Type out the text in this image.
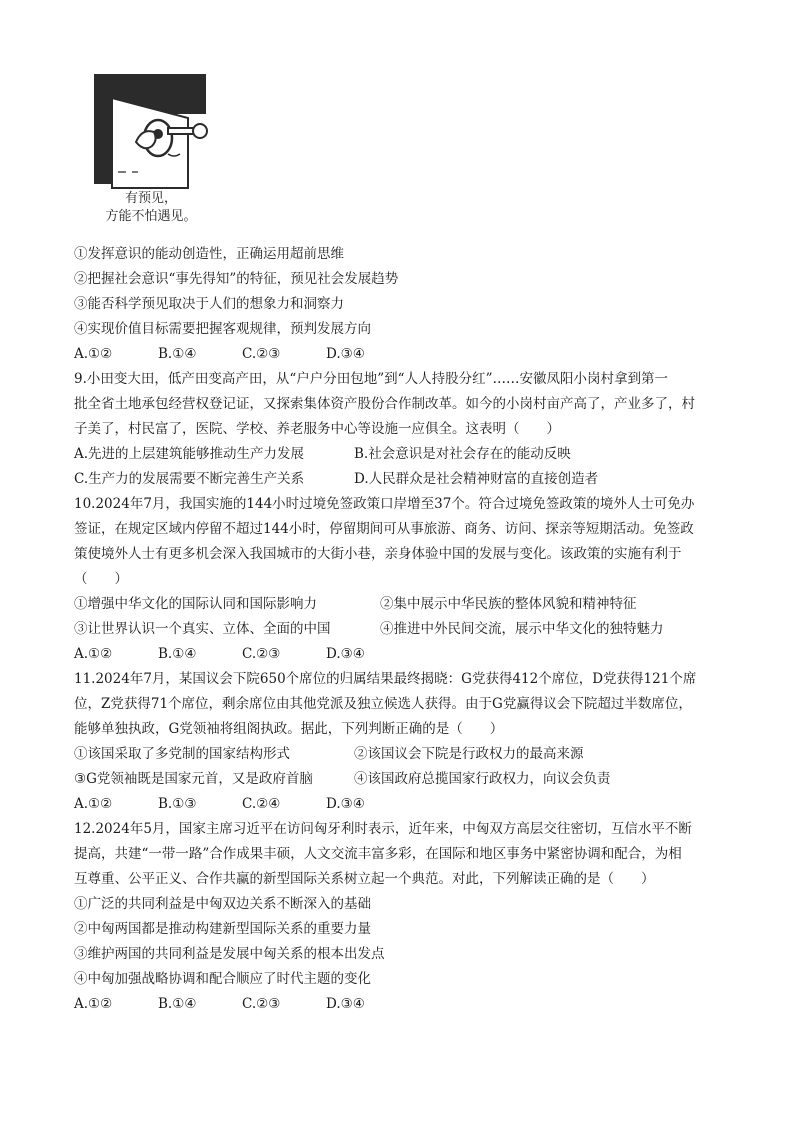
有预见，
方能不怕遇见。
①发挥意识的能动创造性，正确运用超前思维
②把握社会意识“事先得知”的特征，预见社会发展趋势
③能否科学预见取决于人们的想象力和洞察力
④实现价值目标需要把握客观规律，预判发展方向
A.①②	B.①④	C.②③	D.③④
9.小田变大田，低产田变高产田，从“户户分田包地”到“人人持股分红”……安徽凤阳小岗村拿到第一
批全省土地承包经营权登记证，又探索集体资产股份合作制改革。如今的小岗村亩产高了，产业多了，村
子美了，村民富了，医院、学校、养老服务中心等设施一应俱全。这表明（　　）
A.先进的上层建筑能够推动生产力发展	B.社会意识是对社会存在的能动反映
C.生产力的发展需要不断完善生产关系	D.人民群众是社会精神财富的直接创造者
10.2024年7月，我国实施的144小时过境免签政策口岸增至37个。符合过境免签政策的境外人士可免办
签证，在规定区域内停留不超过144小时，停留期间可从事旅游、商务、访问、探亲等短期活动。免签政
策使境外人士有更多机会深入我国城市的大街小巷，亲身体验中国的发展与变化。该政策的实施有利于
（　　）
①增强中华文化的国际认同和国际影响力	②集中展示中华民族的整体风貌和精神特征
③让世界认识一个真实、立体、全面的中国	④推进中外民间交流，展示中华文化的独特魅力
A.①②	B.①④	C.②③	D.③④
11.2024年7月，某国议会下院650个席位的归属结果最终揭晓：G党获得412个席位，D党获得121个席
位，Z党获得71个席位，剩余席位由其他党派及独立候选人获得。由于G党赢得议会下院超过半数席位，
能够单独执政，G党领袖将组阁执政。据此，下列判断正确的是（　　）
①该国采取了多党制的国家结构形式	②该国议会下院是行政权力的最高来源
③G党领袖既是国家元首，又是政府首脑	④该国政府总揽国家行政权力，向议会负责
A.①②	B.①③	C.②④	D.③④
12.2024年5月，国家主席习近平在访问匈牙利时表示，近年来，中匈双方高层交往密切，互信水平不断
提高，共建“一带一路”合作成果丰硕，人文交流丰富多彩，在国际和地区事务中紧密协调和配合，为相
互尊重、公平正义、合作共赢的新型国际关系树立起一个典范。对此，下列解读正确的是（　　）
①广泛的共同利益是中匈双边关系不断深入的基础
②中匈两国都是推动构建新型国际关系的重要力量
③维护两国的共同利益是发展中匈关系的根本出发点
④中匈加强战略协调和配合顺应了时代主题的变化
A.①②	B.①④	C.②③	D.③④
